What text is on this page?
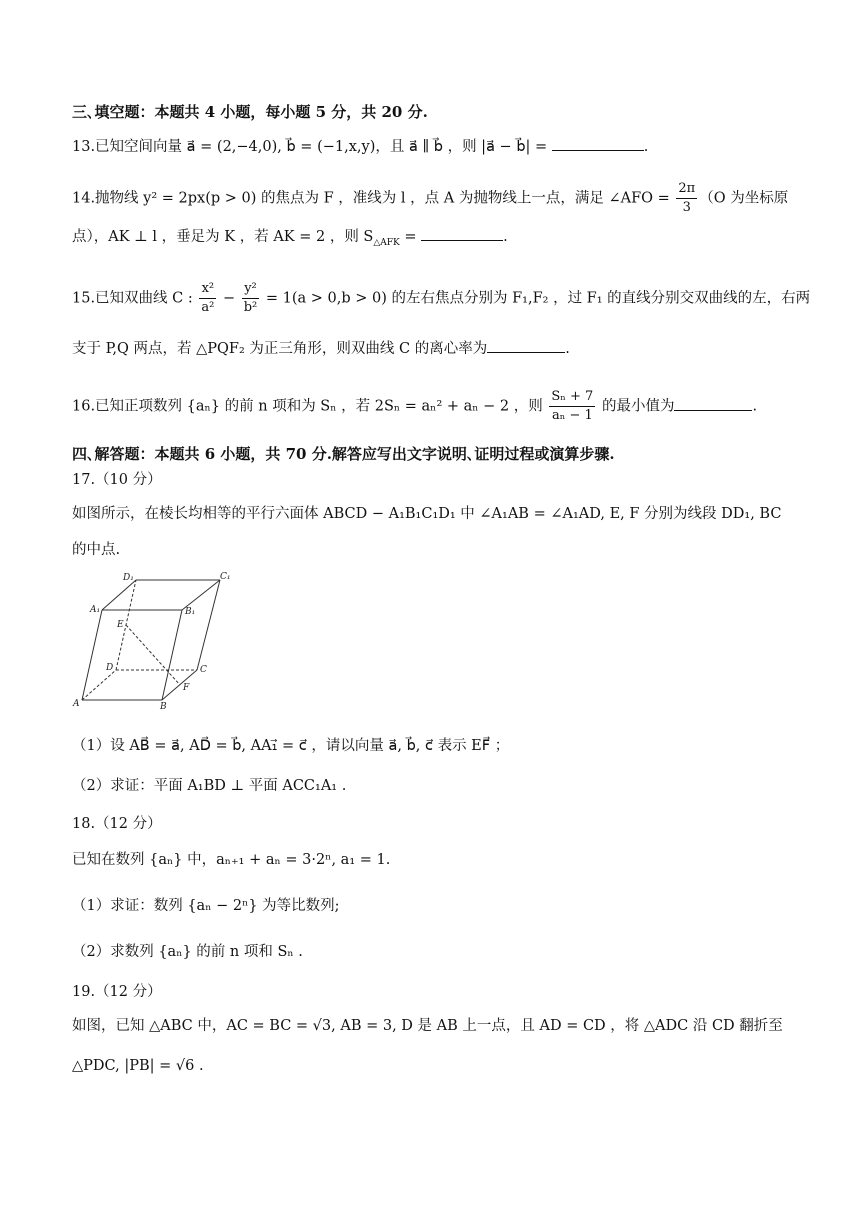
三､填空题：本题共 4 小题，每小题 5 分，共 20 分.
13.已知空间向量 a⃗ = (2,−4,0), b⃗ = (−1,x,y)，且 a⃗ ∥ b⃗ ，则 |a⃗ − b⃗| =	.
14.抛物线 y² = 2px(p > 0) 的焦点为 F ，准线为 l ，点 A 为抛物线上一点，满足 ∠AFO = $\frac{2\pi}{3} (O$ 为坐标原
点），AK ⊥ l ，垂足为 K ，若 AK = 2 ，则 $S_{\triangle AFK}$ =	.
15.已知双曲线 C : $\frac{\text{x²}}{\text{a²}} - \frac{\text{y²}}{\text{b²}} = 1(a > 0,b > 0)$ 的左右焦点分别为 F₁,F₂ ，过 F₁ 的直线分别交双曲线的左，右两
支于 P,Q 两点，若 △PQF₂ 为正三角形，则双曲线 C 的离心率为	.
16.已知正项数列 {aₙ} 的前 n 项和为 Sₙ ，若 2Sₙ = aₙ² + aₙ − 2 ，则 $\frac{\text{Sₙ + 7}}{\text{aₙ − 1}}$ 的最小值为	.
四､解答题：本题共 6 小题，共 70 分.解答应写出文字说明､证明过程或演算步骤.
17.（10 分）
如图所示，在棱长均相等的平行六面体 ABCD − A₁B₁C₁D₁ 中 ∠A₁AB = ∠A₁AD, E, F 分别为线段 DD₁, BC
的中点.
A	B
C
D
A₁	B₁
C₁
D₁
E
F
（1）设 AB⃗ = a⃗, AD⃗ = b⃗, AA₁⃗ = c⃗ ，请以向量 a⃗, b⃗, c⃗ 表示 EF⃗ ；
（2）求证：平面 A₁BD ⊥ 平面 ACC₁A₁ .
18.（12 分）
已知在数列 {aₙ} 中，aₙ₊₁ + aₙ = 3·2ⁿ, a₁ = 1.
（1）求证：数列 {aₙ − 2ⁿ} 为等比数列;
（2）求数列 {aₙ} 的前 n 项和 Sₙ .
19.（12 分）
如图，已知 △ABC 中，AC = BC = √3, AB = 3, D 是 AB 上一点，且 AD = CD ，将 △ADC 沿 CD 翻折至
△PDC, |PB| = √6 .
